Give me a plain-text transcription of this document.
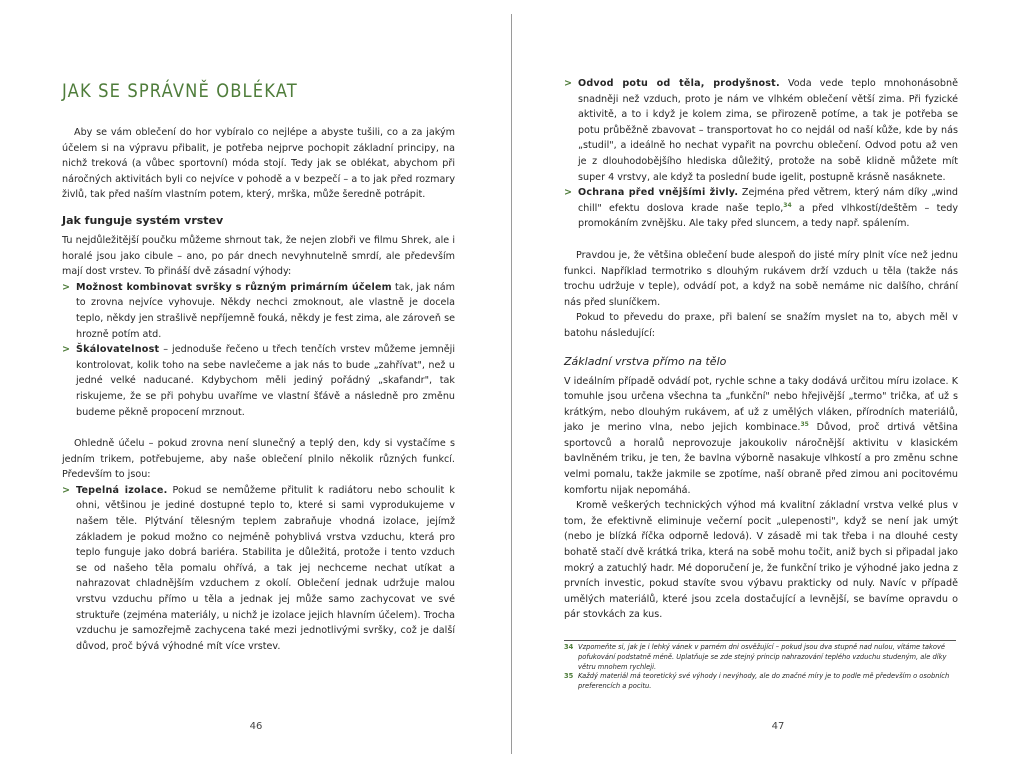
JAK SE SPRÁVNĚ OBLÉKAT

Aby se vám oblečení do hor vybíralo co nejlépe a abyste tušili, co a za jakým účelem si na výpravu přibalit, je potřeba nejprve pochopit základní principy, na nichž treková (a vůbec sportovní) móda stojí. Tedy jak se oblékat, abychom při náročných aktivitách byli co nejvíce v pohodě a v bezpečí – a to jak před rozmary živlů, tak před naším vlastním potem, který, mrška, může šeredně potrápit.

Jak funguje systém vrstev

Tu nejdůležitější poučku můžeme shrnout tak, že nejen zlobři ve filmu Shrek, ale i horalé jsou jako cibule – ano, po pár dnech nevyhnutelně smrdí, ale především mají dost vrstev. To přináší dvě zásadní výhody:

> Možnost kombinovat svršky s různým primárním účelem tak, jak nám to zrovna nejvíce vyhovuje. Někdy nechci zmoknout, ale vlastně je docela teplo, někdy jen strašlivě nepříjemně fouká, někdy je fest zima, ale zároveň se hrozně potím atd.
> Škálovatelnost – jednoduše řečeno u třech tenčích vrstev můžeme jemněji kontrolovat, kolik toho na sebe navlečeme a jak nás to bude „zahřívat", než u jedné velké naducané. Kdybychom měli jediný pořádný „skafandr", tak riskujeme, že se při pohybu uvaříme ve vlastní šťávě a následně pro změnu budeme pěkně propocení mrznout.

Ohledně účelu – pokud zrovna není slunečný a teplý den, kdy si vystačíme s jedním trikem, potřebujeme, aby naše oblečení plnilo několik různých funkcí. Především to jsou:

> Tepelná izolace. Pokud se nemůžeme přitulit k radiátoru nebo schoulit k ohni, většinou je jediné dostupné teplo to, které si sami vyprodukujeme v našem těle. Plýtvání tělesným teplem zabraňuje vhodná izolace, jejímž základem je pokud možno co nejméně pohyblivá vrstva vzduchu, která pro teplo funguje jako dobrá bariéra. Stabilita je důležitá, protože i tento vzduch se od našeho těla pomalu ohřívá, a tak jej nechceme nechat utíkat a nahrazovat chladnějším vzduchem z okolí. Oblečení jednak udržuje malou vrstvu vzduchu přímo u těla a jednak jej může samo zachycovat ve své struktuře (zejména materiály, u nichž je izolace jejich hlavním účelem). Trocha vzduchu je samozřejmě zachycena také mezi jednotlivými svršky, což je další důvod, proč bývá výhodné mít více vrstev.
46
> Odvod potu od těla, prodyšnost. Voda vede teplo mnohonásobně snadněji než vzduch, proto je nám ve vlhkém oblečení větší zima. Při fyzické aktivitě, a to i když je kolem zima, se přirozeně potíme, a tak je potřeba se potu průběžně zbavovat – transportovat ho co nejdál od naší kůže, kde by nás „studil", a ideálně ho nechat vypařit na povrchu oblečení. Odvod potu až ven je z dlouhodobějšího hlediska důležitý, protože na sobě klidně můžete mít super 4 vrstvy, ale když ta poslední bude igelit, postupně krásně nasáknete.
> Ochrana před vnějšími živly. Zejména před větrem, který nám díky „wind chill" efektu doslova krade naše teplo,$^{34}$ a před vlhkostí/deštěm – tedy promokáním zvnějšku. Ale taky před sluncem, a tedy např. spálením.

Pravdou je, že většina oblečení bude alespoň do jisté míry plnit více než jednu funkci. Například termotriko s dlouhým rukávem drží vzduch u těla (takže nás trochu udržuje v teple), odvádí pot, a když na sobě nemáme nic dalšího, chrání nás před sluníčkem.

Pokud to převedu do praxe, při balení se snažím myslet na to, abych měl v batohu následující:

Základní vrstva přímo na tělo

V ideálním případě odvádí pot, rychle schne a taky dodává určitou míru izolace. K tomuhle jsou určena všechna ta „funkční" nebo hřejivější „termo" trička, ať už s krátkým, nebo dlouhým rukávem, ať už z umělých vláken, přírodních materiálů, jako je merino vlna, nebo jejich kombinace.$^{35}$ Důvod, proč drtivá většina sportovců a horalů neprovozuje jakoukoliv náročnější aktivitu v klasickém bavlněném triku, je ten, že bavlna výborně nasakuje vlhkostí a pro změnu schne velmi pomalu, takže jakmile se zpotíme, naší obraně před zimou ani pocitovému komfortu nijak nepomáhá.

Kromě veškerých technických výhod má kvalitní základní vrstva velké plus v tom, že efektivně eliminuje večerní pocit „ulepenosti", když se není jak umýt (nebo je blízká říčka odporně ledová). V zásadě mi tak třeba i na dlouhé cesty bohatě stačí dvě krátká trika, která na sobě mohu točit, aniž bych si připadal jako mokrý a zatuchlý hadr. Mé doporučení je, že funkční triko je výhodné jako jedna z prvních investic, pokud stavíte svou výbavu prakticky od nuly. Navíc v případě umělých materiálů, které jsou zcela dostačující a levnější, se bavíme opravdu o pár stovkách za kus.

34 Vzpomeňte si, jak je i lehký vánek v parném dni osvěžující – pokud jsou dva stupně nad nulou, vítáme takové pofukování podstatně méně. Uplatňuje se zde stejný princip nahrazování teplého vzduchu studeným, ale díky větru mnohem rychleji.
35 Každý materiál má teoretický své výhody i nevýhody, ale do značné míry je to podle mě především o osobních preferencích a pocitu.
47
